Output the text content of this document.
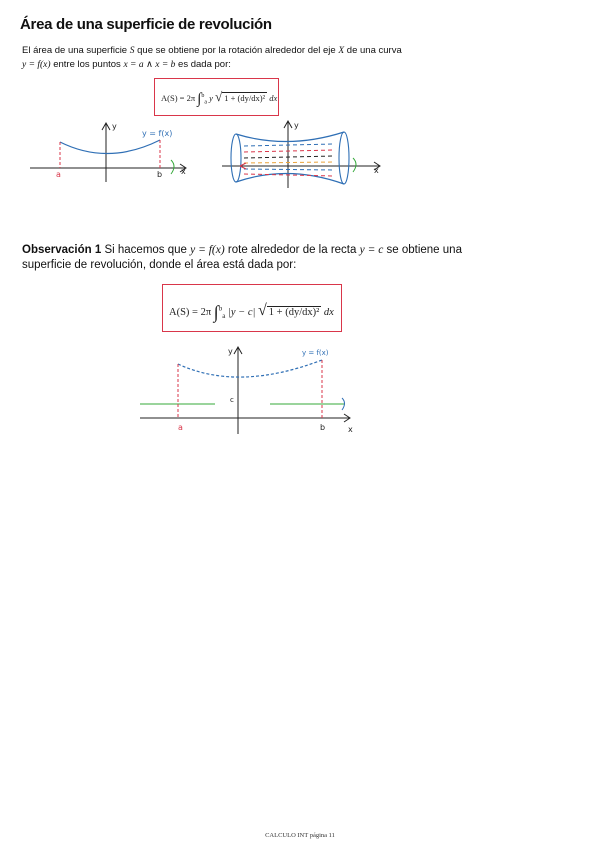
Área de una superficie de revolución
El área de una superficie S que se obtiene por la rotación alrededor del eje X de una curva y = f(x) entre los puntos x = a ∧ x = b es dada por:
A(S) = 2π ∫$^b_a$ y √ 1 + (dy/dx)² dx
y = f(x)
a	b x
y
x
y
Observación 1 Si hacemos que y = f(x) rote alrededor de la recta y = c se obtiene una superficie de revolución, donde el área está dada por:
A(S) = 2π ∫$^b_a$ |y − c| √ 1 + (dy/dx)² dx
y = f(x)
a	b
c
x
y
CALCULO INT página 11
